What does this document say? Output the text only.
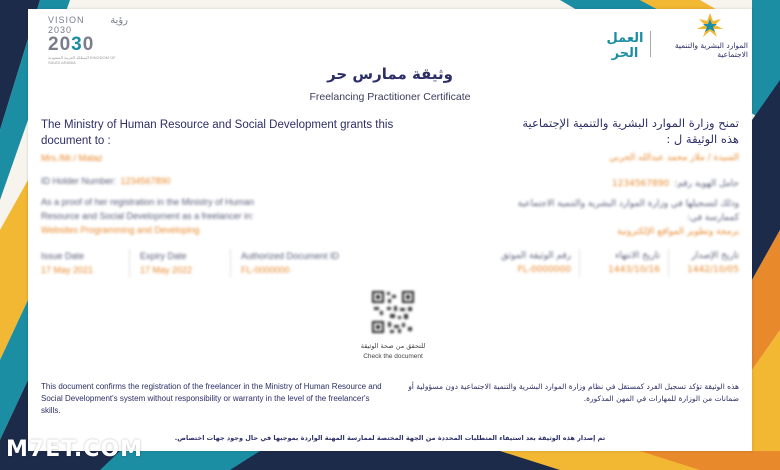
VISION 2030
رؤية
2030
المملكة العربية السعودية KINGDOM OF SAUDI ARABIA
العمل الحر
الموارد البشرية والتنمية الاجتماعية
وثيقة ممارس حر
Freelancing Practitioner Certificate
The Ministry of Human Resource and Social Development grants this document to :
تمنح وزارة الموارد البشرية والتنمية الإجتماعية
هذه الوثيقة ل :
Mrs./Mr./ Malaz
ID Holder Number: 1234567890
As a proof of her registration in the Ministry of Human
Resource and Social Development as a freelancer in:
Websites Programming and Developing
Issue Date
17 May 2021
Expiry Date
17 May 2022
Authorized Document ID
FL-0000000
السيدة / ملاز محمد عبدالله الحربي
حامل الهوية رقم: 1234567890
وذلك لتسجيلها في وزارة الموارد البشرية والتنمية الاجتماعية
كممارسة في:
برمجة وتطوير المواقع الإلكترونية
تاريخ الإصدار
1442/10/05
تاريخ الانتهاء
1443/10/16
رقم الوثيقة الموثق
FL-0000000
للتحقق من صحة الوثيقة
Check the document
This document confirms the registration of the freelancer in the Ministry of Human Resource and Social Development's system without responsibility or warranty in the level of the freelancer's skills.
هذه الوثيقة تؤكد تسجيل الفرد كمستقل في نظام وزارة الموارد البشرية والتنمية الاجتماعية دون مسؤولية أو ضمانات من الوزارة للمهارات في المهن المذكورة.
تم إصدار هذه الوثيقة بعد استيفاء المتطلبات المحددة من الجهة المختصة لممارسة المهنة الواردة بموجبها في حال وجود جهات اختصاص.
M7ET.COM
